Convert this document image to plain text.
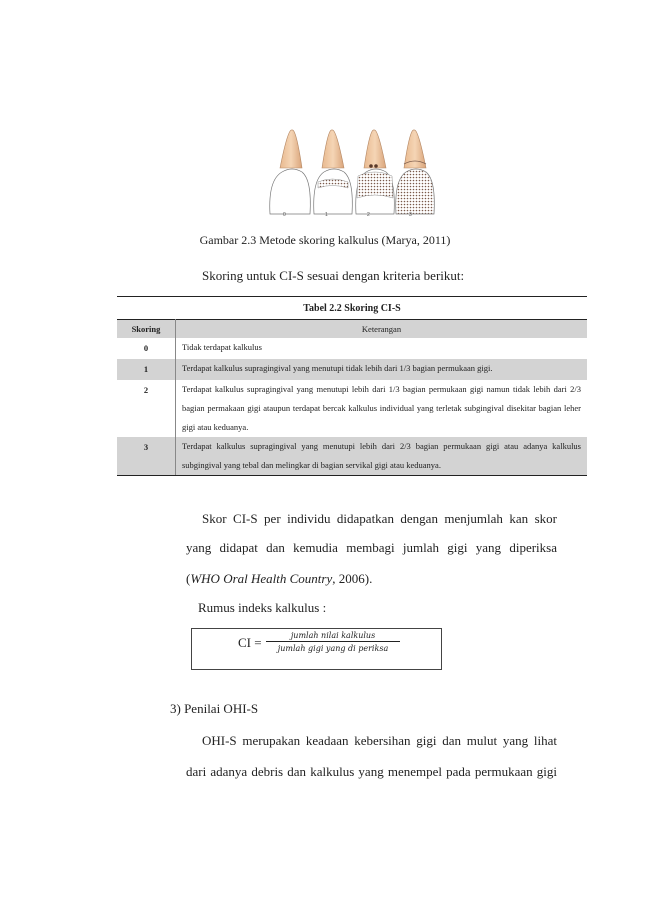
0	1	2	3
Gambar 2.3 Metode skoring kalkulus (Marya, 2011)
Skoring untuk CI-S sesuai dengan kriteria berikut:
Tabel 2.2 Skoring CI-S	
Skoring	Keterangan
0	Tidak terdapat kalkulus
1	Terdapat kalkulus supragingival yang menutupi tidak lebih dari 1/3 bagian permukaan gigi.
2	Terdapat kalkulus supragingival yang menutupi lebih dari 1/3 bagian permukaan gigi namun tidak lebih dari 2/3 bagian permakaan gigi ataupun terdapat bercak kalkulus individual yang terletak subgingival disekitar bagian leher gigi atau keduanya.
3	Terdapat kalkulus supragingival yang menutupi lebih dari 2/3 bagian permukaan gigi atau adanya kalkulus subgingival yang tebal dan melingkar di bagian servikal gigi atau keduanya.
Skor CI-S per individu didapatkan dengan menjumlah kan skor
yang didapat dan kemudia membagi jumlah gigi yang diperiksa
(WHO Oral Health Country, 2006).
Rumus indeks kalkulus :
CI =	jumlah nilai kalkulus
jumlah gigi yang di periksa
3) Penilai OHI-S
OHI-S merupakan keadaan kebersihan gigi dan mulut yang lihat
dari adanya debris dan kalkulus yang menempel pada permukaan gigi
